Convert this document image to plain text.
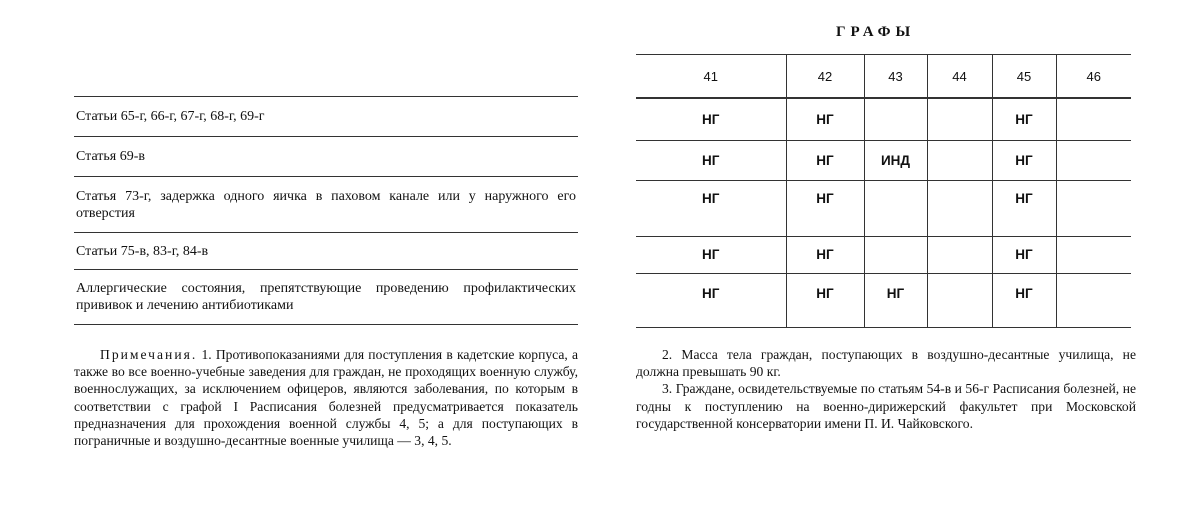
Статьи 65-г, 66-г, 67-г, 68-г, 69-г
Статья 69-в
Статья 73-г, задержка одного яичка в паховом канале или у наружного его отверстия
Статьи 75-в, 83-г, 84-в
Аллергические состояния, препятствующие проведению профилактических прививок и лечению антибиотиками

Примечания. 1. Противопоказаниями для поступления в кадетские корпуса, а также во все военно-учебные заведения для граждан, не проходящих военную службу, военнослужащих, за исключением офицеров, являются заболевания, по которым в соответствии с графой I Расписания болезней предусматривается показатель предназначения для прохождения военной службы 4, 5; а для поступающих в пограничные и воздушно-десантные военные училища — 3, 4, 5.

ГРАФЫ
41	42	43	44	45	46
НГ	НГ			НГ	
НГ	НГ	ИНД		НГ	
НГ	НГ			НГ	
НГ	НГ			НГ	
НГ	НГ	НГ		НГ	

2. Масса тела граждан, поступающих в воздушно-десантные училища, не должна превышать 90 кг.

3. Граждане, освидетельствуемые по статьям 54-в и 56-г Расписания болезней, не годны к поступлению на военно-дирижерский факультет при Московской государственной консерватории имени П. И. Чайковского.
